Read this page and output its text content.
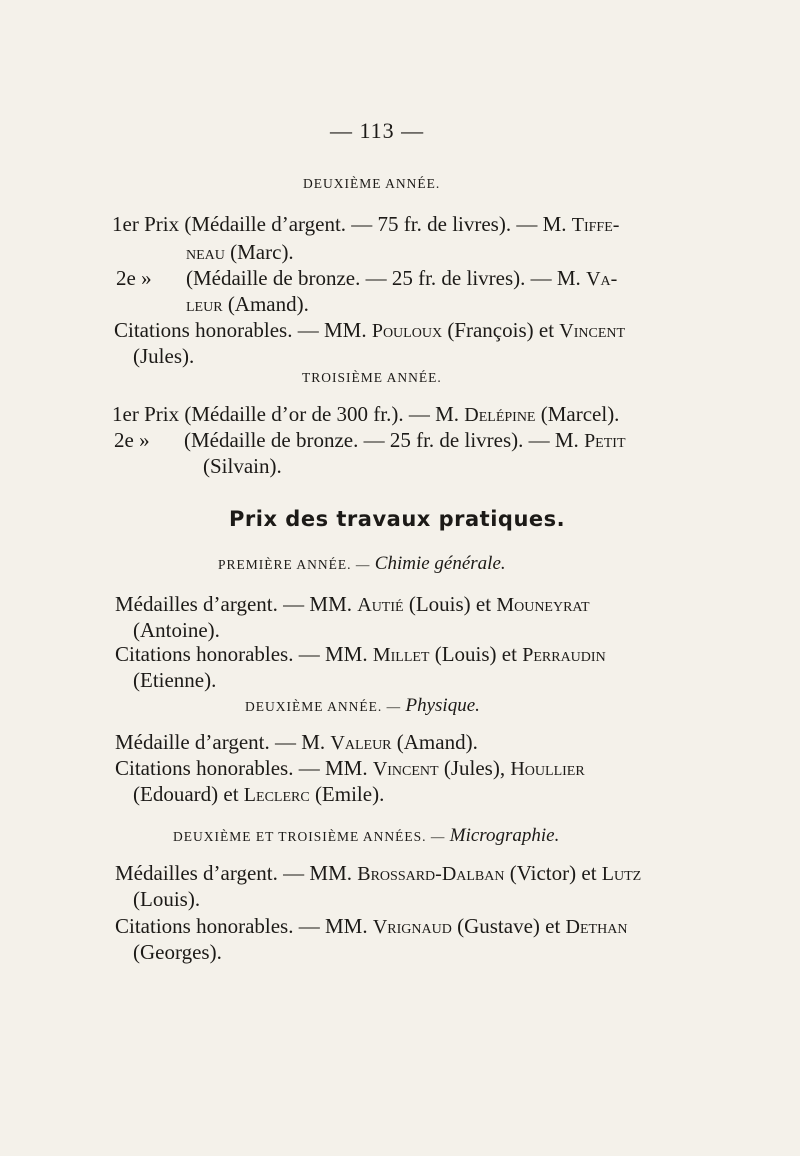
— 113 —
DEUXIÈME ANNÉE.
1er Prix (Médaille d’argent. — 75 fr. de livres). — M. Tiffe-
neau (Marc).
2e » (Médaille de bronze. — 25 fr. de livres). — M. Va-
leur (Amand).
Citations honorables. — MM. Pouloux (François) et Vincent
(Jules).
TROISIÈME ANNÉE.
1er Prix (Médaille d’or de 300 fr.). — M. Delépine (Marcel).
2e » (Médaille de bronze. — 25 fr. de livres). — M. Petit
(Silvain).
Prix des travaux pratiques.
PREMIÈRE ANNÉE. — Chimie générale.
Médailles d’argent. — MM. Autié (Louis) et Mouneyrat
(Antoine).
Citations honorables. — MM. Millet (Louis) et Perraudin
(Etienne).
DEUXIÈME ANNÉE. — Physique.
Médaille d’argent. — M. Valeur (Amand).
Citations honorables. — MM. Vincent (Jules), Houllier
(Edouard) et Leclerc (Emile).
DEUXIÈME ET TROISIÈME ANNÉES. — Micrographie.
Médailles d’argent. — MM. Brossard-Dalban (Victor) et Lutz
(Louis).
Citations honorables. — MM. Vrignaud (Gustave) et Dethan
(Georges).
